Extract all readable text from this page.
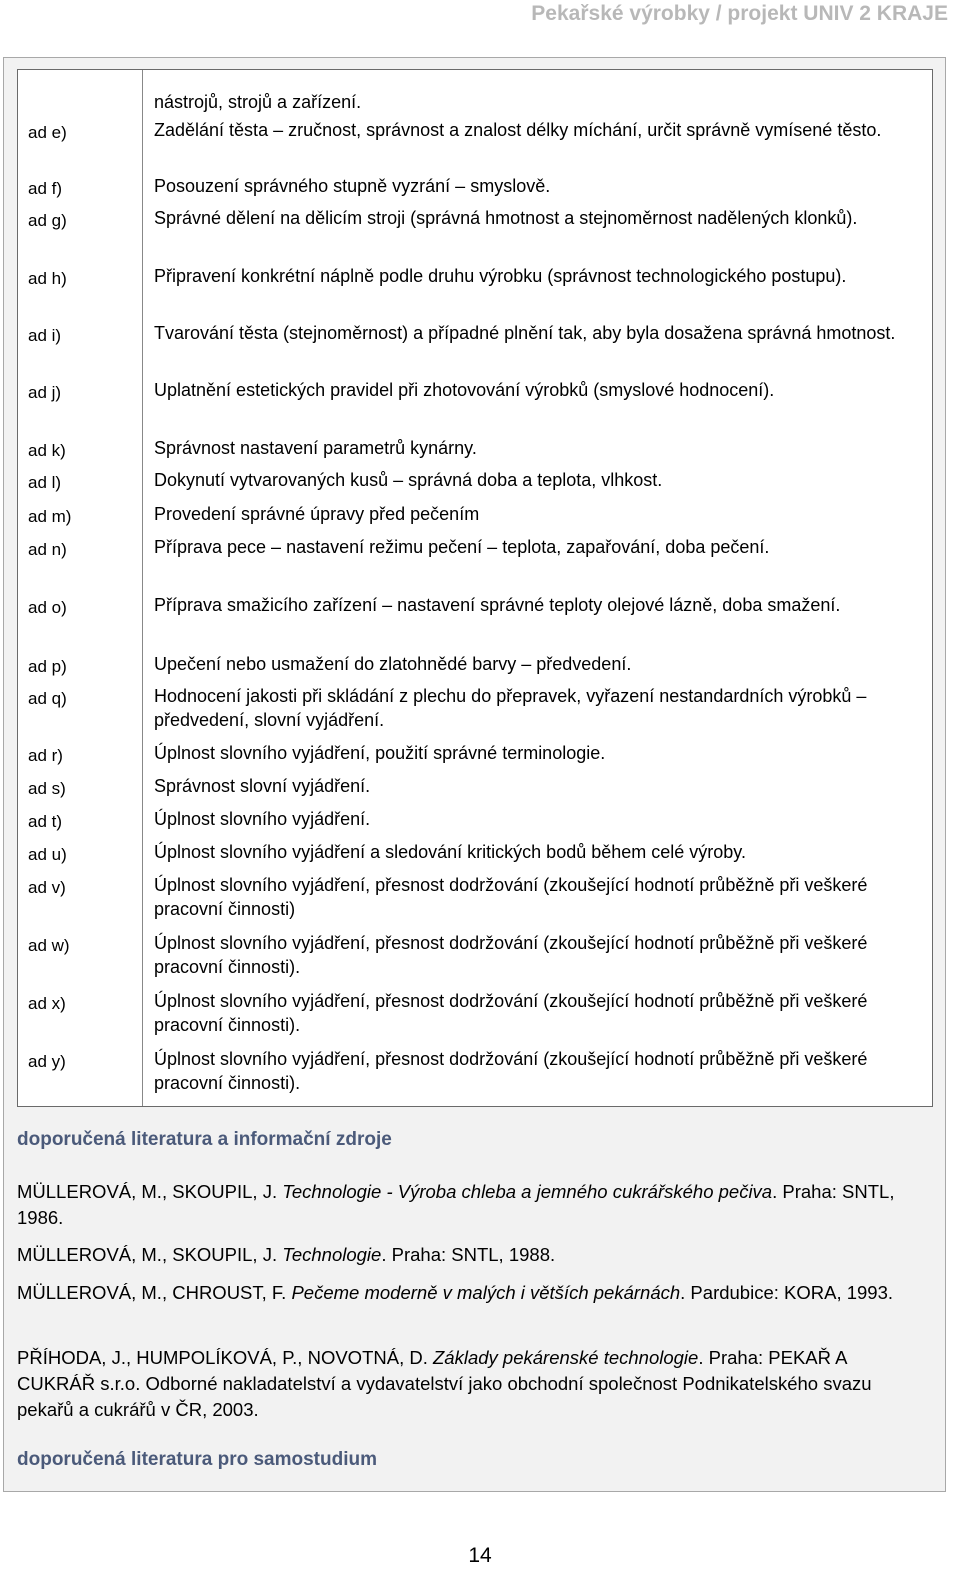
Pekařské výrobky / projekt UNIV 2 KRAJE
nástrojů, strojů a zařízení.
ad e)	Zadělání těsta – zručnost, správnost a znalost délky míchání, určit správně vymísené těsto.
ad f)	Posouzení správného stupně vyzrání – smyslově.
ad g)	Správné dělení na dělicím stroji (správná hmotnost a stejnoměrnost nadělených klonků).
ad h)	Připravení konkrétní náplně podle druhu výrobku (správnost technologického postupu).
ad i)	Tvarování těsta (stejnoměrnost) a případné plnění tak, aby byla dosažena správná hmotnost.
ad j)	Uplatnění estetických pravidel při zhotovování výrobků (smyslové hodnocení).
ad k)	Správnost nastavení parametrů kynárny.
ad l)	Dokynutí vytvarovaných kusů – správná doba a teplota, vlhkost.
ad m)	Provedení správné úpravy před pečením
ad n)	Příprava pece – nastavení režimu pečení – teplota, zapařování, doba pečení.
ad o)	Příprava smažicího zařízení – nastavení správné teploty olejové lázně, doba smažení.
ad p)	Upečení nebo usmažení do zlatohnědé barvy – předvedení.
ad q)	Hodnocení jakosti při skládání z plechu do přepravek, vyřazení nestandardních výrobků – předvedení, slovní vyjádření.
ad r)	Úplnost slovního vyjádření, použití správné terminologie.
ad s)	Správnost slovní vyjádření.
ad t)	Úplnost slovního vyjádření.
ad u)	Úplnost slovního vyjádření a sledování kritických bodů během celé výroby.
ad v)	Úplnost slovního vyjádření, přesnost dodržování (zkoušející hodnotí průběžně při veškeré pracovní činnosti)
ad w)	Úplnost slovního vyjádření, přesnost dodržování (zkoušející hodnotí průběžně při veškeré pracovní činnosti).
ad x)	Úplnost slovního vyjádření, přesnost dodržování (zkoušející hodnotí průběžně při veškeré pracovní činnosti).
ad y)	Úplnost slovního vyjádření, přesnost dodržování (zkoušející hodnotí průběžně při veškeré pracovní činnosti).
doporučená literatura a informační zdroje
MÜLLEROVÁ, M., SKOUPIL, J. Technologie - Výroba chleba a jemného cukrářského pečiva. Praha: SNTL, 1986.
MÜLLEROVÁ, M., SKOUPIL, J. Technologie. Praha: SNTL, 1988.
MÜLLEROVÁ, M., CHROUST, F. Pečeme moderně v malých i větších pekárnách. Pardubice: KORA, 1993.
PŘÍHODA, J., HUMPOLÍKOVÁ, P., NOVOTNÁ, D. Základy pekárenské technologie. Praha: PEKAŘ A CUKRÁŘ s.r.o. Odborné nakladatelství a vydavatelství jako obchodní společnost Podnikatelského svazu pekařů a cukrářů v ČR, 2003.
doporučená literatura pro samostudium
14
